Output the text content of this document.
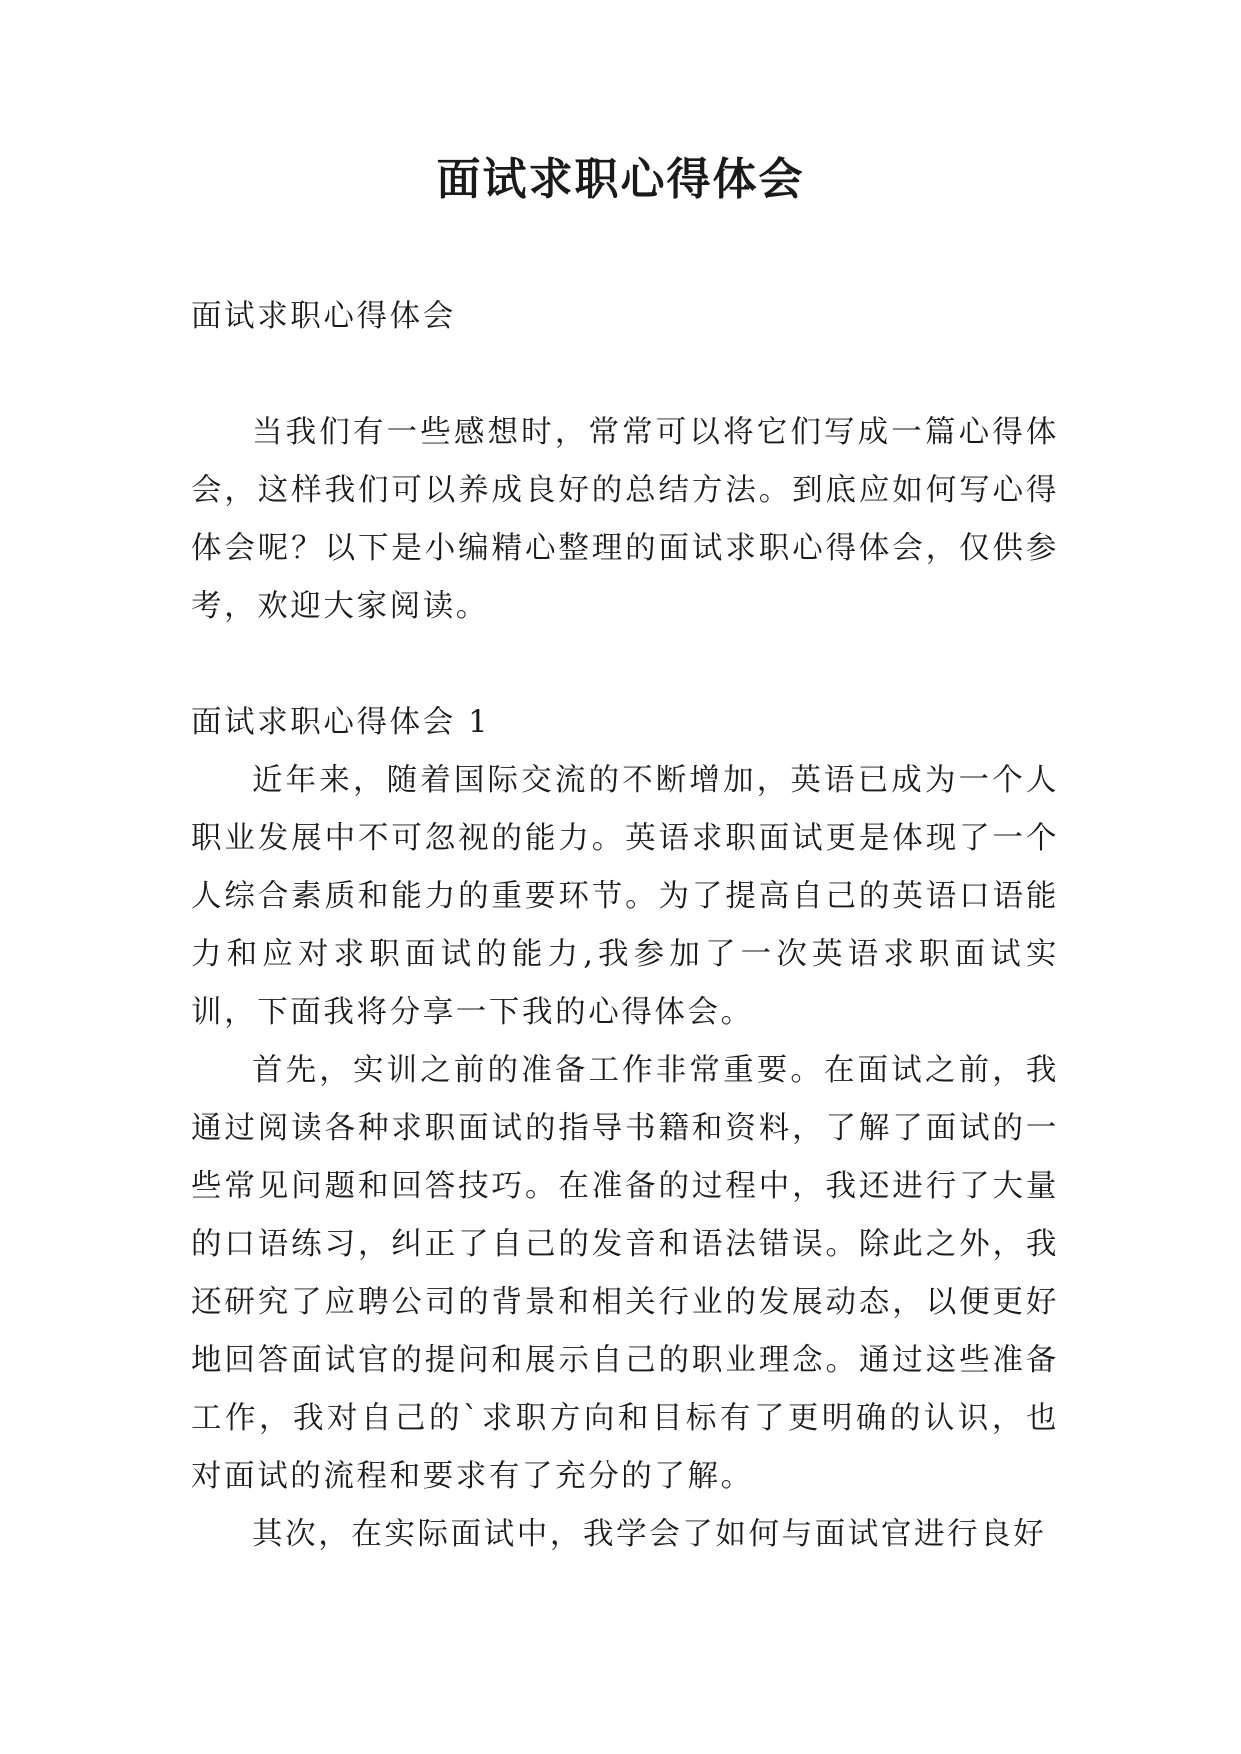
面试求职心得体会

面试求职心得体会

当我们有一些感想时，常常可以将它们写成一篇心得体会，这样我们可以养成良好的总结方法。到底应如何写心得体会呢？以下是小编精心整理的面试求职心得体会，仅供参考，欢迎大家阅读。

面试求职心得体会 1

近年来，随着国际交流的不断增加，英语已成为一个人职业发展中不可忽视的能力。英语求职面试更是体现了一个人综合素质和能力的重要环节。为了提高自己的英语口语能力和应对求职面试的能力,我参加了一次英语求职面试实训，下面我将分享一下我的心得体会。

首先，实训之前的准备工作非常重要。在面试之前，我通过阅读各种求职面试的指导书籍和资料，了解了面试的一些常见问题和回答技巧。在准备的过程中，我还进行了大量的口语练习，纠正了自己的发音和语法错误。除此之外，我还研究了应聘公司的背景和相关行业的发展动态，以便更好地回答面试官的提问和展示自己的职业理念。通过这些准备工作，我对自己的`求职方向和目标有了更明确的认识，也对面试的流程和要求有了充分的了解。

其次，在实际面试中，我学会了如何与面试官进行良好
